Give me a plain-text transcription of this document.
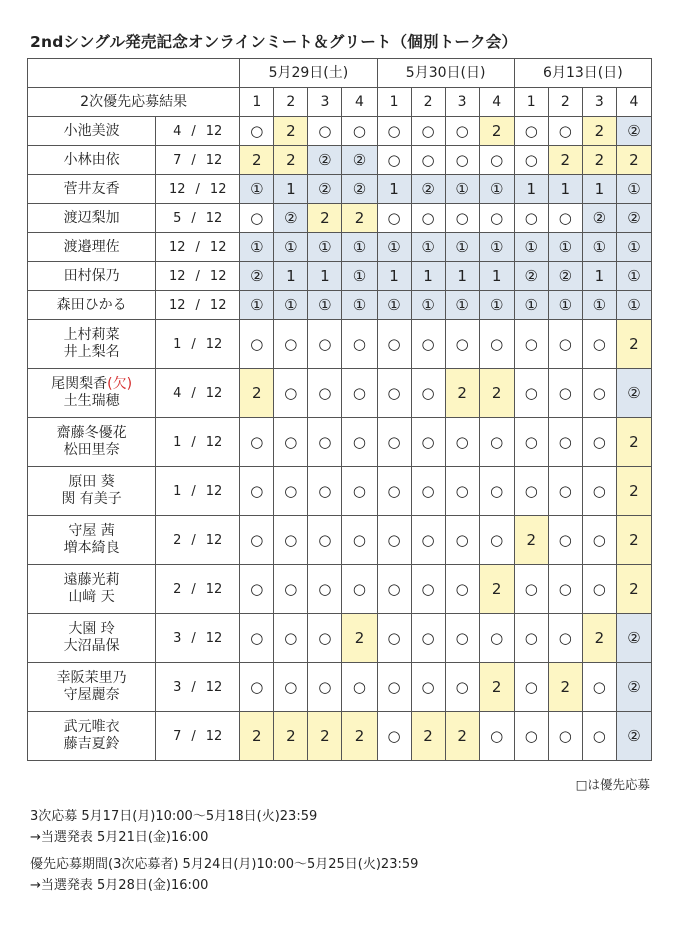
2ndシングル発売記念オンラインミート＆グリート（個別トーク会）
		5月29日(土)				5月30日(日)				6月13日(日)			
2次優先応募結果		1	2	3	4	1	2	3	4	1	2	3	4

小池美波	4 / 12	○	2	○	○	○	○	○	2	○	○	2	②

小林由依	7 / 12	2	2	②	②	○	○	○	○	○	2	2	2

菅井友香	12 / 12	①	1	②	②	1	②	①	①	1	1	1	①

渡辺梨加	5 / 12	○	②	2	2	○	○	○	○	○	○	②	②

渡邉理佐	12 / 12	①	①	①	①	①	①	①	①	①	①	①	①

田村保乃	12 / 12	②	1	1	①	1	1	1	1	②	②	1	①

森田ひかる	12 / 12	①	①	①	①	①	①	①	①	①	①	①	①

上村莉菜
井上梨名	1 / 12	○	○	○	○	○	○	○	○	○	○	○	2

尾関梨香(欠)
土生瑞穂	4 / 12	2	○	○	○	○	○	2	2	○	○	○	②

齋藤冬優花
松田里奈	1 / 12	○	○	○	○	○	○	○	○	○	○	○	2

原田 葵
関 有美子	1 / 12	○	○	○	○	○	○	○	○	○	○	○	2

守屋 茜
増本綺良	2 / 12	○	○	○	○	○	○	○	○	2	○	○	2

遠藤光莉
山﨑 天	2 / 12	○	○	○	○	○	○	○	2	○	○	○	2

大園 玲
大沼晶保	3 / 12	○	○	○	2	○	○	○	○	○	○	2	②

幸阪茉里乃
守屋麗奈	3 / 12	○	○	○	○	○	○	○	2	○	2	○	②

武元唯衣
藤吉夏鈴	7 / 12	2	2	2	2	○	2	2	○	○	○	○	②
□は優先応募
3次応募 5月17日(月)10:00～5月18日(火)23:59
→当選発表 5月21日(金)16:00
優先応募期間(3次応募者) 5月24日(月)10:00～5月25日(火)23:59
→当選発表 5月28日(金)16:00
